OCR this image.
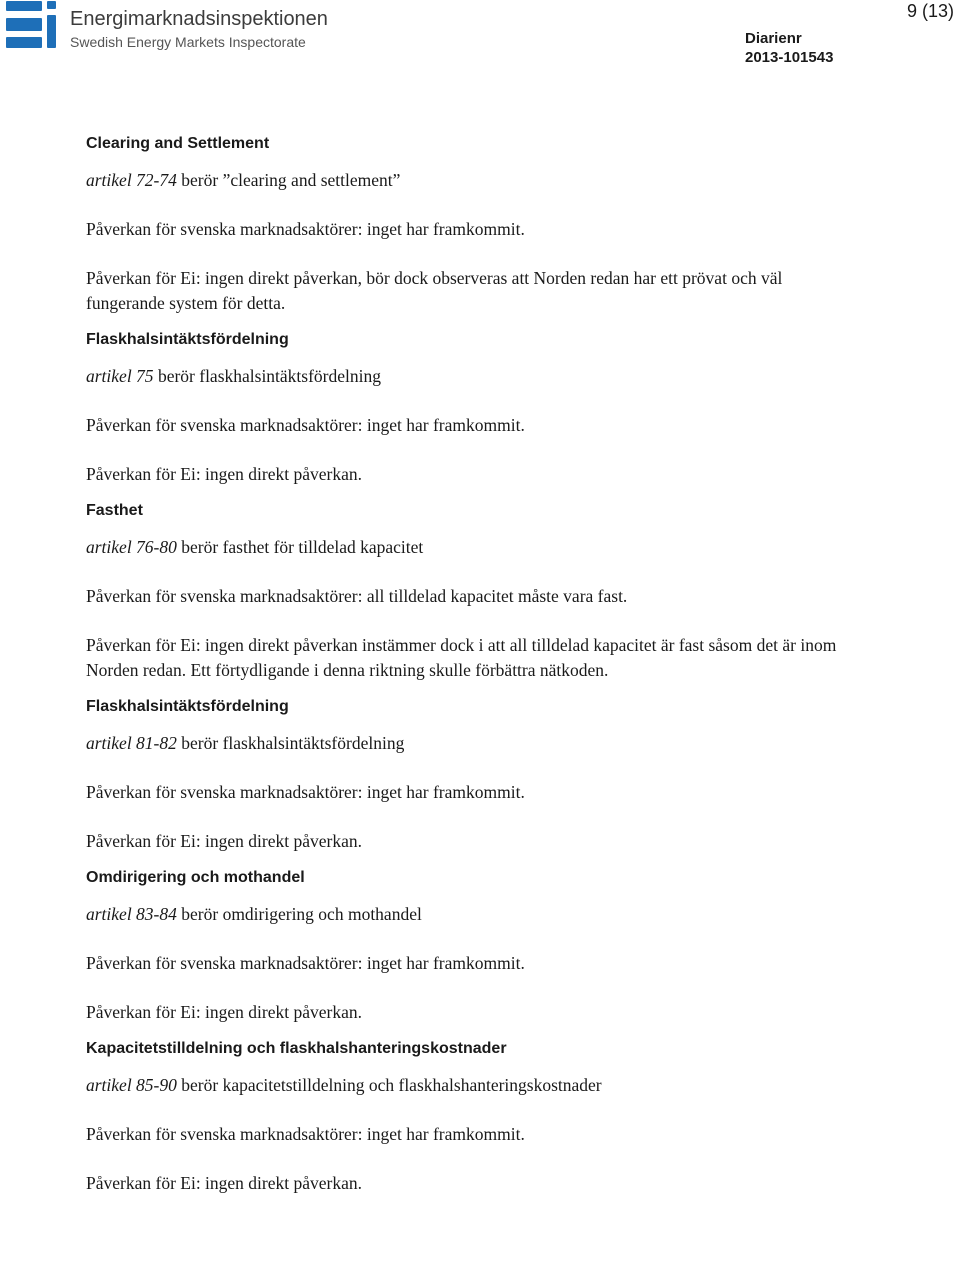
Energimarknadsinspektionen
Swedish Energy Markets Inspectorate	Diarienr
2013-101543
9 (13)
Clearing and Settlement

artikel 72-74 berör ”clearing and settlement”

Påverkan för svenska marknadsaktörer: inget har framkommit.

Påverkan för Ei: ingen direkt påverkan, bör dock observeras att Norden redan har ett prövat och väl fungerande system för detta.

Flaskhalsintäktsfördelning

artikel 75 berör flaskhalsintäktsfördelning

Påverkan för svenska marknadsaktörer: inget har framkommit.

Påverkan för Ei: ingen direkt påverkan.

Fasthet

artikel 76-80 berör fasthet för tilldelad kapacitet

Påverkan för svenska marknadsaktörer: all tilldelad kapacitet måste vara fast.

Påverkan för Ei: ingen direkt påverkan instämmer dock i att all tilldelad kapacitet är fast såsom det är inom Norden redan. Ett förtydligande i denna riktning skulle förbättra nätkoden.

Flaskhalsintäktsfördelning

artikel 81-82 berör flaskhalsintäktsfördelning

Påverkan för svenska marknadsaktörer: inget har framkommit.

Påverkan för Ei: ingen direkt påverkan.

Omdirigering och mothandel

artikel 83-84 berör omdirigering och mothandel

Påverkan för svenska marknadsaktörer: inget har framkommit.

Påverkan för Ei: ingen direkt påverkan.

Kapacitetstilldelning och flaskhalshanteringskostnader

artikel 85-90 berör kapacitetstilldelning och flaskhalshanteringskostnader

Påverkan för svenska marknadsaktörer: inget har framkommit.

Påverkan för Ei: ingen direkt påverkan.
